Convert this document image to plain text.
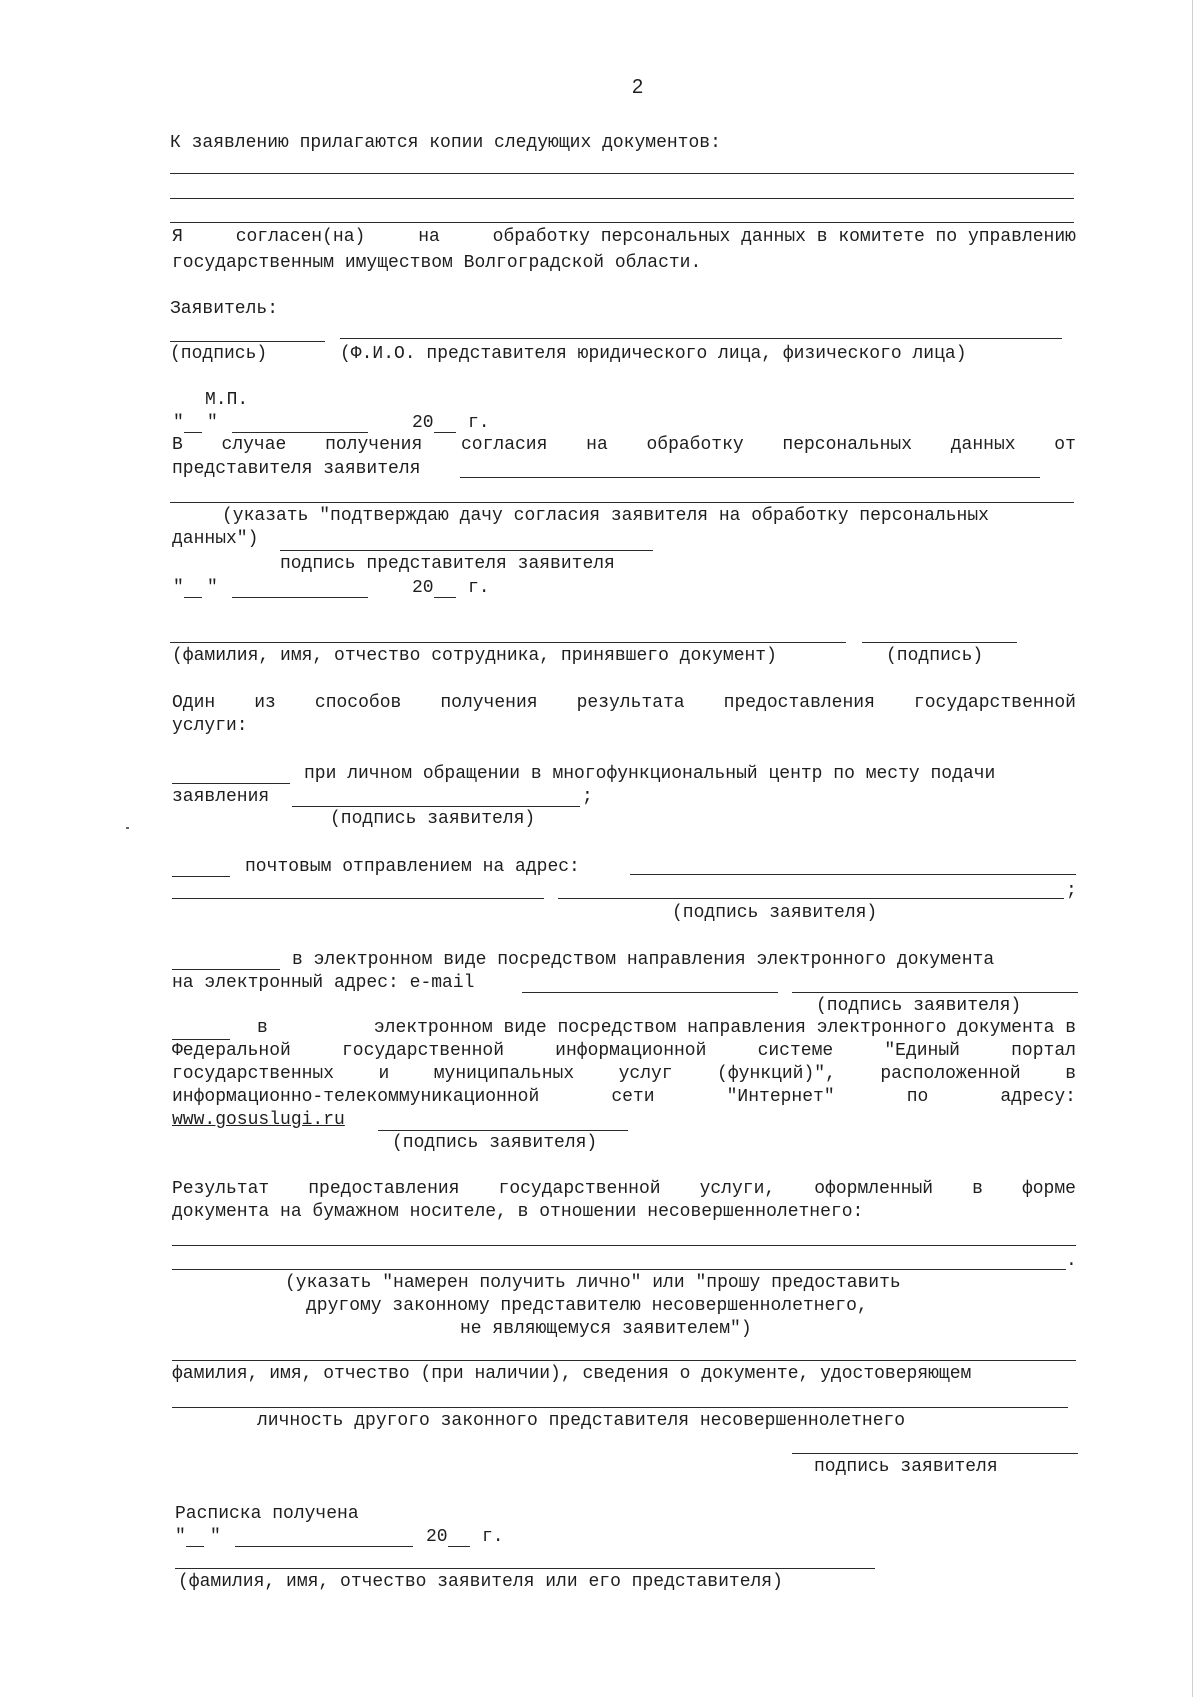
2
К заявлению прилагаются копии следующих документов:
Я	согласен(на)	на	обработку персональных данных в комитете по управлению
государственным имуществом Волгоградской области.
Заявитель:
(подпись)	(Ф.И.О. представителя юридического лица, физического лица)
М.П.
" "	20 г.
В случае получения согласия на обработку персональных данных от
представителя заявителя
(указать "подтверждаю дачу согласия заявителя на обработку персональных
данных")
подпись представителя заявителя
" "	20 г.
(фамилия, имя, отчество сотрудника, принявшего документ)	(подпись)
Один из способов получения результата предоставления государственной
услуги:
при личном обращении в многофункциональный центр по месту подачи
заявления	;
(подпись заявителя)
почтовым отправлением на адрес:
;
(подпись заявителя)
в электронном виде посредством направления электронного документа
на электронный адрес: e-mail
(подпись заявителя)
в	электронном виде посредством направления электронного документа в
Федеральной	государственной	информационной	системе	"Единый	портал
государственных и муниципальных услуг (функций)", расположенной в
информационно-телекоммуникационной	сети	"Интернет"	по	адресу:
www.gosuslugi.ru
(подпись заявителя)
Результат предоставления государственной услуги, оформленный в форме
документа на бумажном носителе, в отношении несовершеннолетнего:
.
(указать "намерен получить лично" или "прошу предоставить
другому законному представителю несовершеннолетнего,
не являющемуся заявителем")
фамилия, имя, отчество (при наличии), сведения о документе, удостоверяющем
личность другого законного представителя несовершеннолетнего
подпись заявителя
Расписка получена
" "	20 г.
(фамилия, имя, отчество заявителя или его представителя)
